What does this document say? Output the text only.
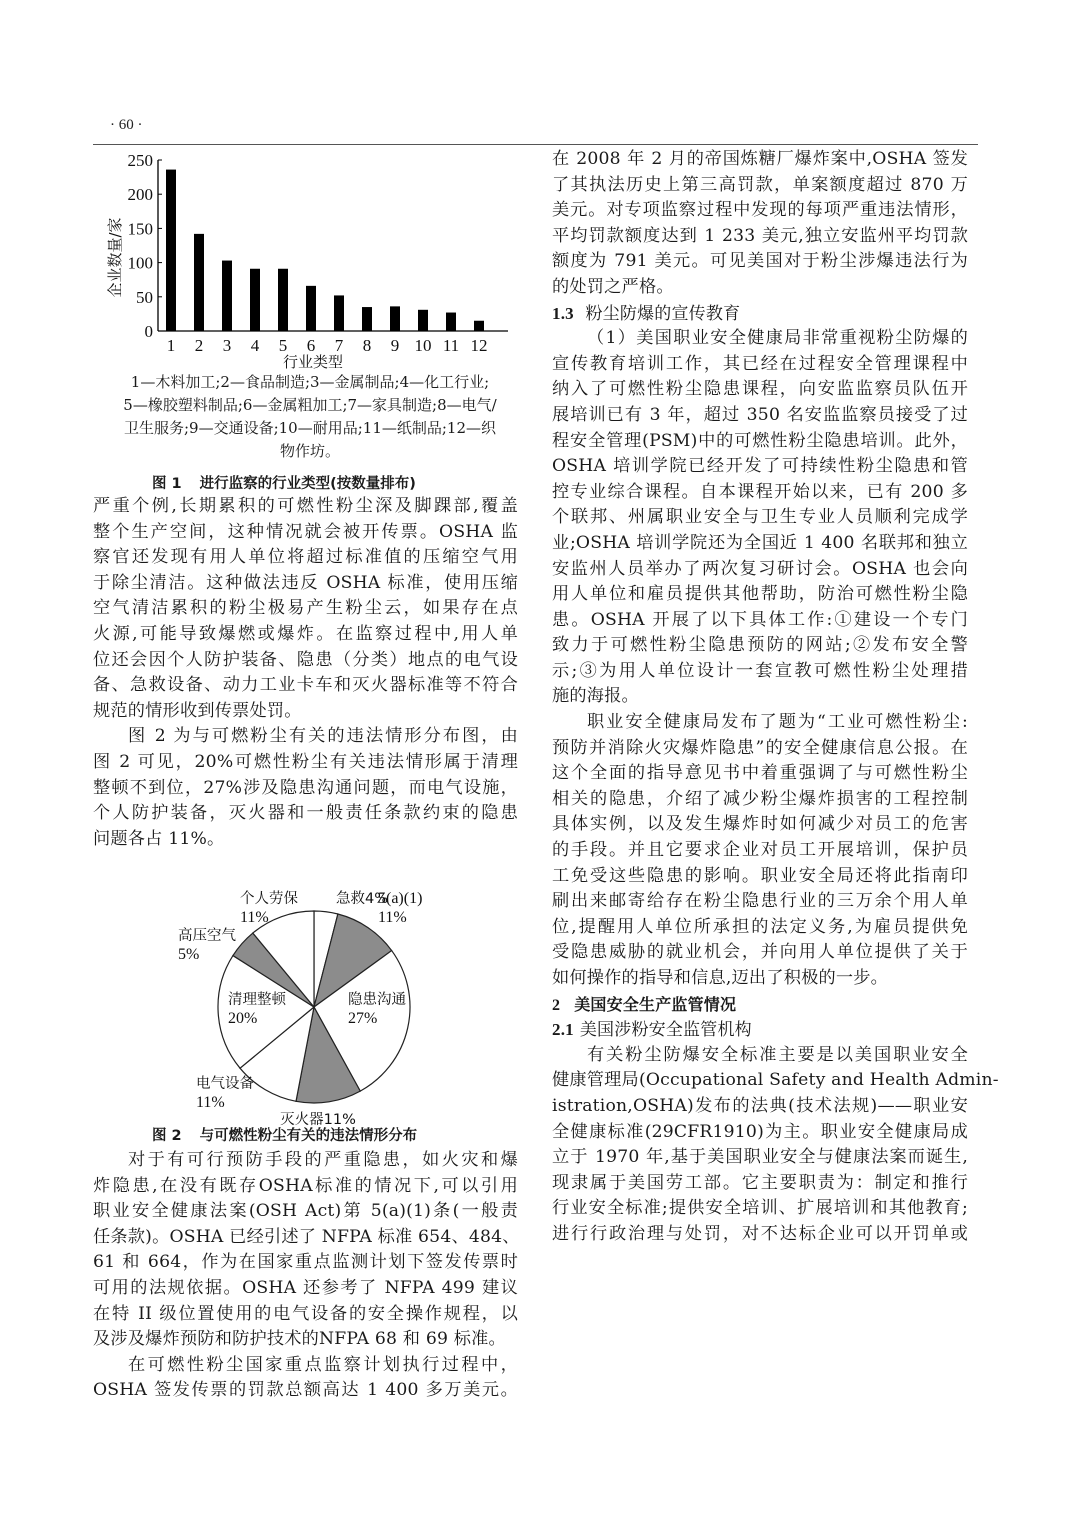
· 60 ·
0
50
100
150
200
250
1 2 3 4 5 6 7 8 9 10 11 12
行业类型
企业数量/家
1—木料加工;2—食品制造;3—金属制品;4—化工行业;
5—橡胶塑料制品;6—金属粗加工;7—家具制造;8—电气/
卫生服务;9—交通设备;10—耐用品;11—纸制品;12—织
物作坊。
图 1 进行监察的行业类型(按数量排布)
严重个例,长期累积的可燃性粉尘深及脚踝部,覆盖
整个生产空间，这种情况就会被开传票。OSHA 监
察官还发现有用人单位将超过标准值的压缩空气用
于除尘清洁。这种做法违反 OSHA 标准，使用压缩
空气清洁累积的粉尘极易产生粉尘云，如果存在点
火源,可能导致爆燃或爆炸。在监察过程中,用人单
位还会因个人防护装备、隐患（分类）地点的电气设
备、急救设备、动力工业卡车和灭火器标准等不符合
规范的情形收到传票处罚。
图 2 为与可燃粉尘有关的违法情形分布图，由
图 2 可见，20%可燃性粉尘有关违法情形属于清理
整顿不到位，27%涉及隐患沟通问题，而电气设施，
个人防护装备，灭火器和一般责任条款约束的隐患
问题各占 11%。
急救4%
5(a)(1)
11%
隐患沟通
27%
灭火器11%
电气设备
11%
清理整顿
20%
高压空气
5%
个人劳保
11%
图 2 与可燃性粉尘有关的违法情形分布
对于有可行预防手段的严重隐患，如火灾和爆
炸隐患,在没有既存OSHA标准的情况下,可以引用
职业安全健康法案(OSH Act)第 5(a)(1)条(一般责
任条款)。OSHA 已经引述了 NFPA 标准 654、484、
61 和 664，作为在国家重点监测计划下签发传票时
可用的法规依据。OSHA 还参考了 NFPA 499 建议
在特 II 级位置使用的电气设备的安全操作规程，以
及涉及爆炸预防和防护技术的NFPA 68 和 69 标准。
在可燃性粉尘国家重点监察计划执行过程中，
OSHA 签发传票的罚款总额高达 1 400 多万美元。
在 2008 年 2 月的帝国炼糖厂爆炸案中,OSHA 签发
了其执法历史上第三高罚款，单案额度超过 870 万
美元。对专项监察过程中发现的每项严重违法情形，
平均罚款额度达到 1 233 美元,独立安监州平均罚款
额度为 791 美元。可见美国对于粉尘涉爆违法行为
的处罚之严格。
1.3 粉尘防爆的宣传教育
（1）美国职业安全健康局非常重视粉尘防爆的
宣传教育培训工作，其已经在过程安全管理课程中
纳入了可燃性粉尘隐患课程，向安监监察员队伍开
展培训已有 3 年，超过 350 名安监监察员接受了过
程安全管理(PSM)中的可燃性粉尘隐患培训。此外，
OSHA 培训学院已经开发了可持续性粉尘隐患和管
控专业综合课程。自本课程开始以来，已有 200 多
个联邦、州属职业安全与卫生专业人员顺利完成学
业;OSHA 培训学院还为全国近 1 400 名联邦和独立
安监州人员举办了两次复习研讨会。OSHA 也会向
用人单位和雇员提供其他帮助，防治可燃性粉尘隐
患。OSHA 开展了以下具体工作:①建设一个专门
致力于可燃性粉尘隐患预防的网站;②发布安全警
示;③为用人单位设计一套宣教可燃性粉尘处理措
施的海报。
职业安全健康局发布了题为“工业可燃性粉尘:
预防并消除火灾爆炸隐患”的安全健康信息公报。在
这个全面的指导意见书中着重强调了与可燃性粉尘
相关的隐患，介绍了减少粉尘爆炸损害的工程控制
具体实例，以及发生爆炸时如何减少对员工的危害
的手段。并且它要求企业对员工开展培训，保护员
工免受这些隐患的影响。职业安全局还将此指南印
刷出来邮寄给存在粉尘隐患行业的三万余个用人单
位,提醒用人单位所承担的法定义务,为雇员提供免
受隐患威胁的就业机会，并向用人单位提供了关于
如何操作的指导和信息,迈出了积极的一步。
2 美国安全生产监管情况
2.1 美国涉粉安全监管机构
有关粉尘防爆安全标准主要是以美国职业安全
健康管理局(Occupational Safety and Health Admin-
istration,OSHA)发布的法典(技术法规)——职业安
全健康标准(29CFR1910)为主。职业安全健康局成
立于 1970 年,基于美国职业安全与健康法案而诞生,
现隶属于美国劳工部。它主要职责为：制定和推行
行业安全标准;提供安全培训、扩展培训和其他教育;
进行行政治理与处罚，对不达标企业可以开罚单或
